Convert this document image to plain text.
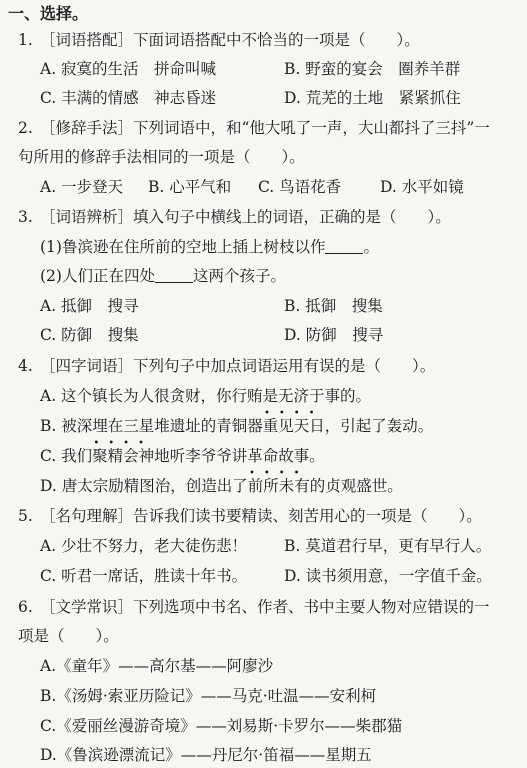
一、选择。
1. ［词语搭配］下面词语搭配中不恰当的一项是（　　）。
A. 寂寞的生活　拼命叫喊	B. 野蛮的宴会　圈养羊群
C. 丰满的情感　神志昏迷	D. 荒芜的土地　紧紧抓住
2. ［修辞手法］下列词语中，和“他大吼了一声，大山都抖了三抖”一
句所用的修辞手法相同的一项是（　　）。
A. 一步登天 B. 心平气和 C. 鸟语花香	D. 水平如镜
3. ［词语辨析］填入句子中横线上的词语，正确的是（　　）。
(1)鲁滨逊在住所前的空地上插上树枝以作 。
(2)人们正在四处 这两个孩子。
A. 抵御　搜寻	B. 抵御　搜集
C. 防御　搜集	D. 防御　搜寻
4. ［四字词语］下列句子中加点词语运用有误的是（　　）。
A. 这个镇长为人很贪财，你行贿是无济于事的。
B. 被深埋在三星堆遗址的青铜器
••••
重见天日，引起了轰动。
C. 我们
••••
聚精会神地听李爷爷讲革命故事。
D. 唐太宗励精图治，创造出了
••••
前所未有的贞观盛世。
5. ［名句理解］告诉我们读书要精读、刻苦用心的一项是（　　）。
A. 少壮不努力，老大徒伤悲！ B. 莫道君行早，更有早行人。
C. 听君一席话，胜读十年书。 D. 读书须用意，一字值千金。
6. ［文学常识］下列选项中书名、作者、书中主要人物对应错误的一
项是（　　）。
A.《童年》——高尔基——阿廖沙
B.《汤姆·索亚历险记》——马克·吐温——安利柯
C.《爱丽丝漫游奇境》——刘易斯·卡罗尔——柴郡猫
D.《鲁滨逊漂流记》——丹尼尔·笛福——星期五
